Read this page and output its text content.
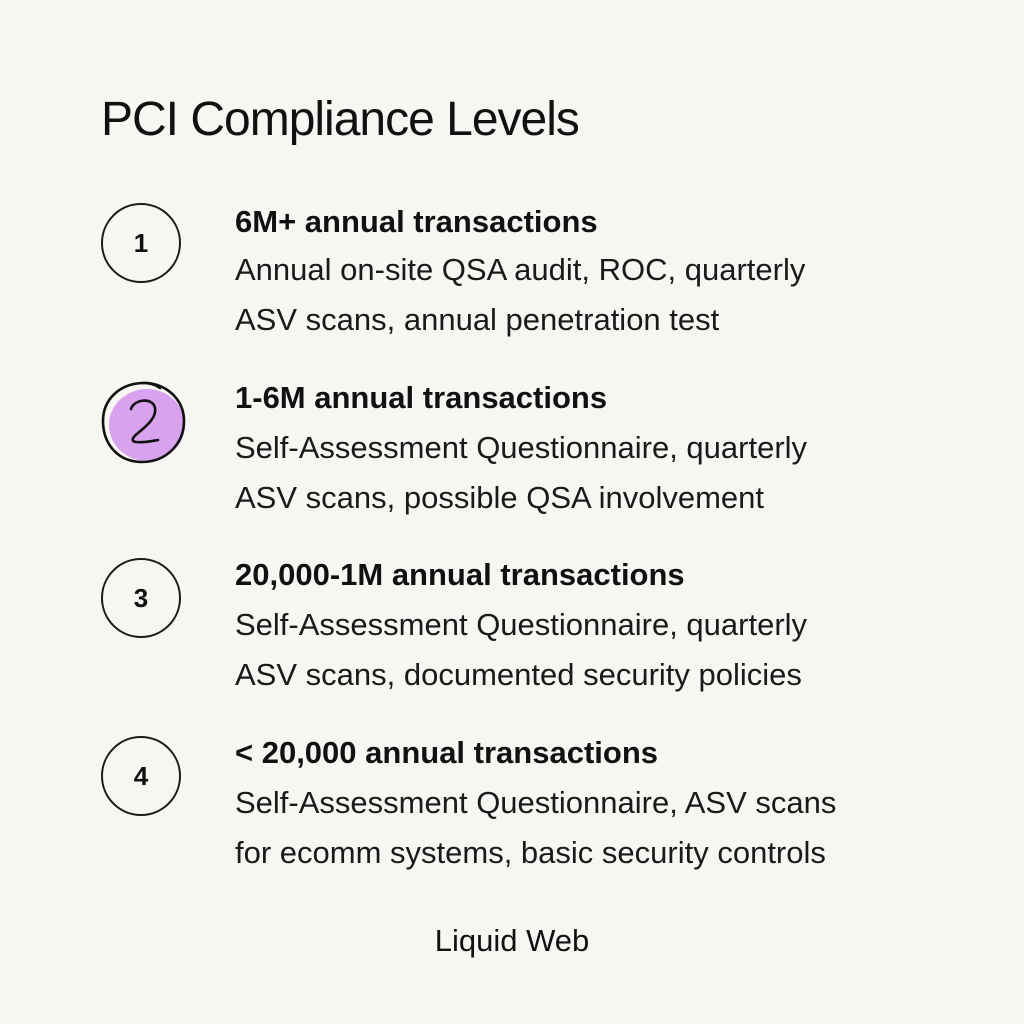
PCI Compliance Levels
1
6M+ annual transactions
Annual on-site QSA audit, ROC, quarterly
ASV scans, annual penetration test
1-6M annual transactions
Self-Assessment Questionnaire, quarterly
ASV scans, possible QSA involvement
3
20,000-1M annual transactions
Self-Assessment Questionnaire, quarterly
ASV scans, documented security policies
4
< 20,000 annual transactions
Self-Assessment Questionnaire, ASV scans
for ecomm systems, basic security controls
Liquid Web
